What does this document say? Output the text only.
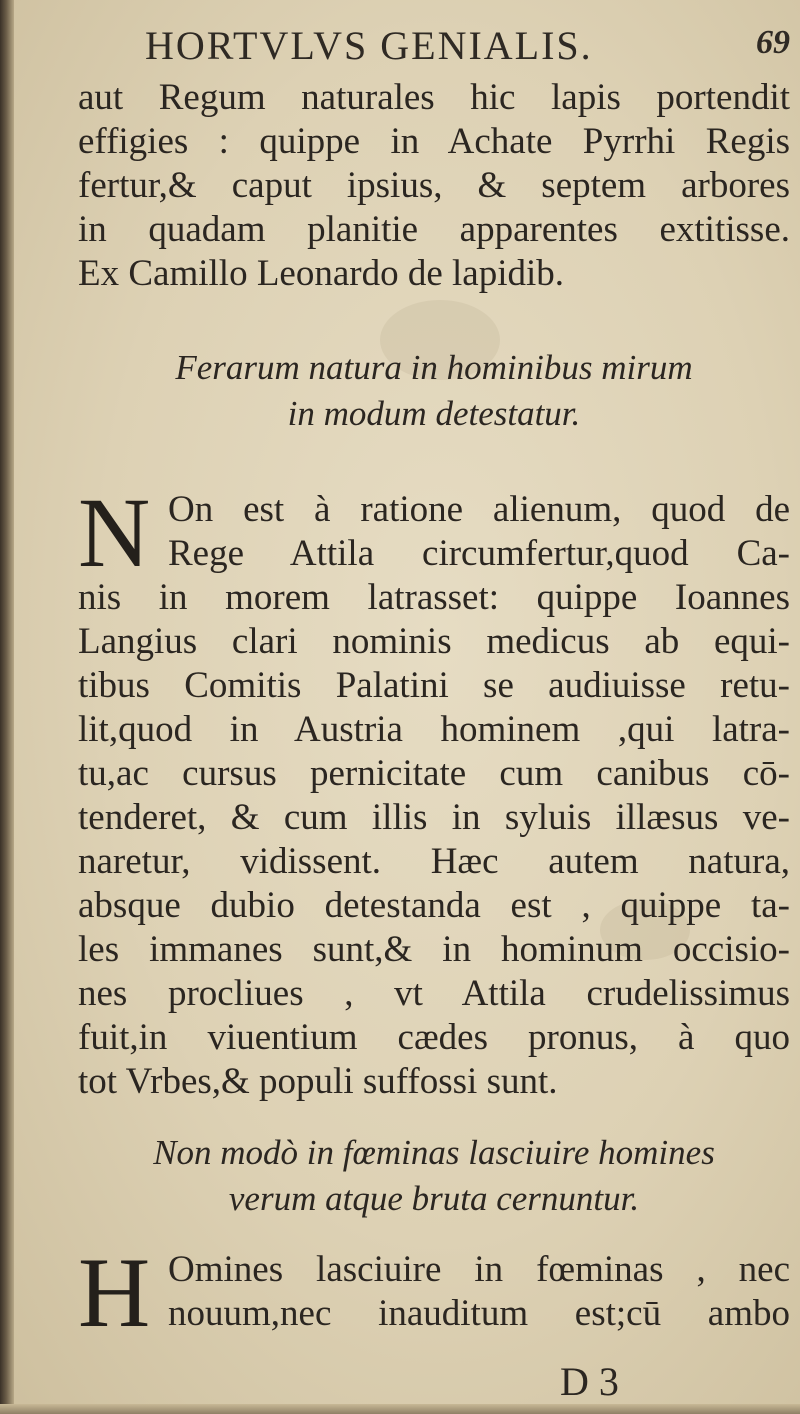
HORTVLVS GENIALIS.	69
aut Regum naturales hic lapis portendit
effigies : quippe in Achate Pyrrhi Regis
fertur,& caput ipsius, & septem arbores
in quadam planitie apparentes extitisse.
Ex Camillo Leonardo de lapidib.
Ferarum natura in hominibus mirum
in modum detestatur.
N On est à ratione alienum, quod de
Rege Attila circumfertur,quod Ca-
nis in morem latrasset: quippe Ioannes
Langius clari nominis medicus ab equi-
tibus Comitis Palatini se audiuisse retu-
lit,quod in Austria hominem ,qui latra-
tu,ac cursus pernicitate cum canibus cō-
tenderet, & cum illis in syluis illæsus ve-
naretur, vidissent. Hæc autem natura,
absque dubio detestanda est , quippe ta-
les immanes sunt,& in hominum occisio-
nes procliues , vt Attila crudelissimus
fuit,in viuentium cædes pronus, à quo
tot Vrbes,& populi suffossi sunt.
Non modò in fœminas lasciuire homines
verum atque bruta cernuntur.
H Omines lasciuire in fœminas , nec
nouum,nec inauditum est;cū ambo
D 3
